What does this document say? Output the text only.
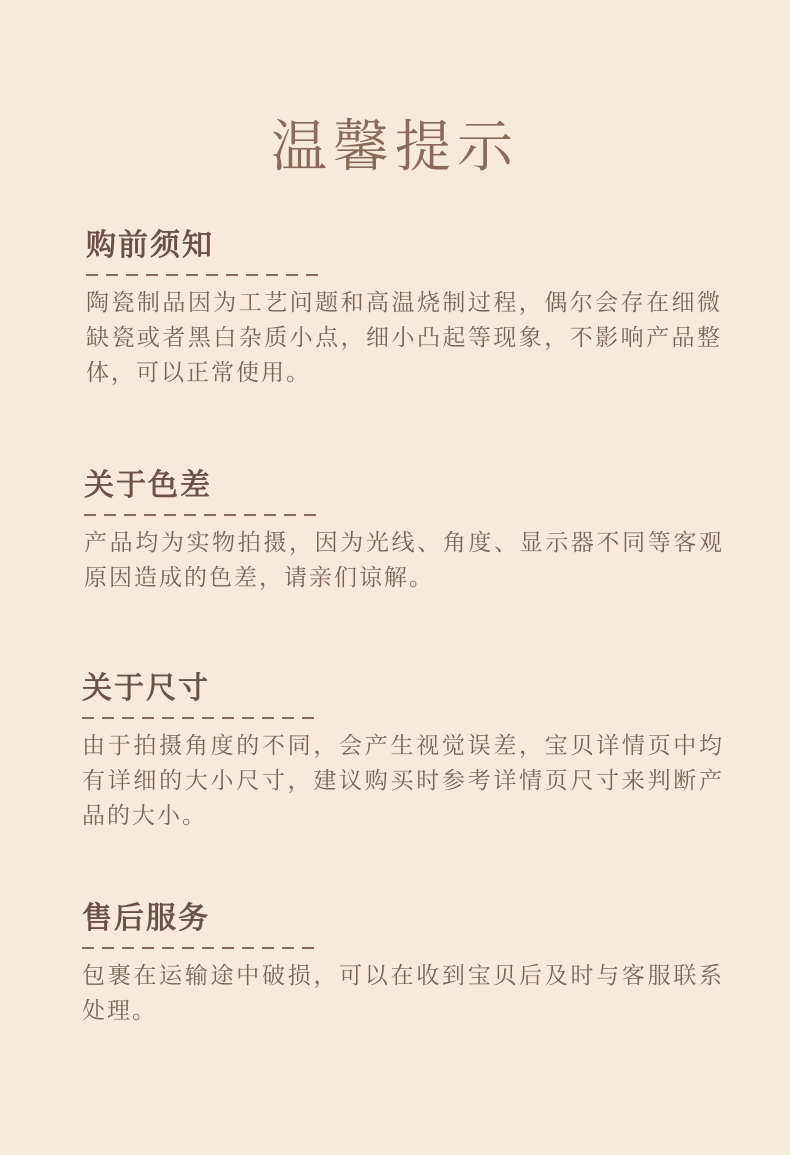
温馨提示
购前须知

陶瓷制品因为工艺问题和高温烧制过程，偶尔会存在细微缺瓷或者黑白杂质小点，细小凸起等现象，不影响产品整体，可以正常使用。

关于色差

产品均为实物拍摄，因为光线、角度、显示器不同等客观原因造成的色差，请亲们谅解。

关于尺寸

由于拍摄角度的不同，会产生视觉误差，宝贝详情页中均有详细的大小尺寸，建议购买时参考详情页尺寸来判断产品的大小。

售后服务

包裹在运输途中破损，可以在收到宝贝后及时与客服联系处理。
